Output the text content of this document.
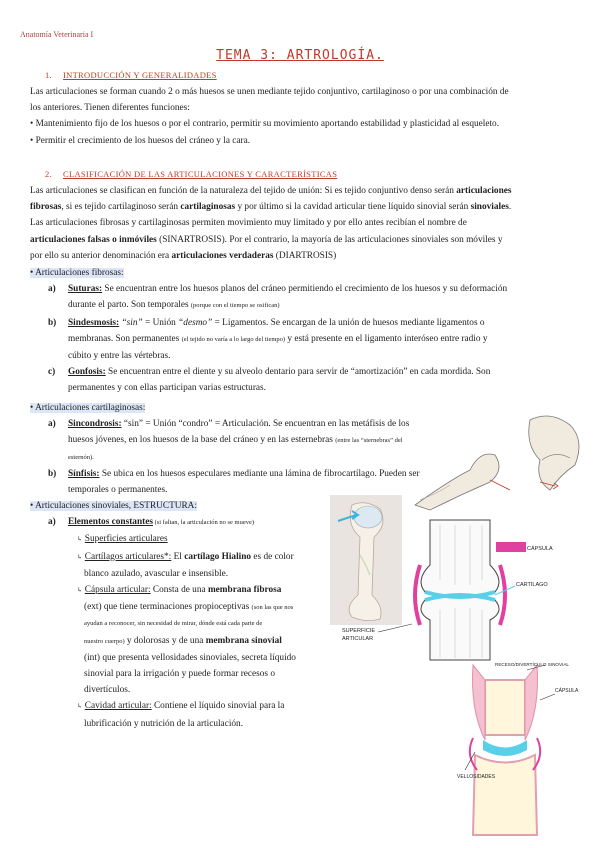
Anatomía Veterinaria I
TEMA 3: ARTROLOGÍA.
1. INTRODUCCIÓN Y GENERALIDADES
Las articulaciones se forman cuando 2 o más huesos se unen mediante tejido conjuntivo, cartilaginoso o por una combinación de
los anteriores. Tienen diferentes funciones:
• Mantenimiento fijo de los huesos o por el contrario, permitir su movimiento aportando estabilidad y plasticidad al esqueleto.
• Permitir el crecimiento de los huesos del cráneo y la cara.
2. CLASIFICACIÓN DE LAS ARTICULACIONES Y CARACTERÍSTICAS
Las articulaciones se clasifican en función de la naturaleza del tejido de unión: Si es tejido conjuntivo denso serán articulaciones
fibrosas, si es tejido cartilaginoso serán cartilaginosas y por último si la cavidad articular tiene líquido sinovial serán sinoviales.
Las articulaciones fibrosas y cartilaginosas permiten movimiento muy limitado y por ello antes recibían el nombre de
articulaciones falsas o inmóviles (SINARTROSIS). Por el contrario, la mayoría de las articulaciones sinoviales son móviles y
por ello su anterior denominación era articulaciones verdaderas (DIARTROSIS)
• Articulaciones fibrosas:
a) Suturas: Se encuentran entre los huesos planos del cráneo permitiendo el crecimiento de los huesos y su deformación
durante el parto. Son temporales (porque con el tiempo se osifican)
b) Sindesmosis: “sin” = Unión “desmo” = Ligamentos. Se encargan de la unión de huesos mediante ligamentos o
membranas. Son permanentes (el tejido no varía a lo largo del tiempo) y está presente en el ligamento interóseo entre radio y
cúbito y entre las vértebras.
c) Gonfosis: Se encuentran entre el diente y su alveolo dentario para servir de “amortización” en cada mordida. Son
permanentes y con ellas participan varias estructuras.
• Articulaciones cartilaginosas:
a) Sincondrosis: “sin” = Unión “condro” = Articulación. Se encuentran en las metáfisis de los
huesos jóvenes, en los huesos de la base del cráneo y en las esternebras (entre las “sternebras” del
esternón).
b) Sínfisis: Se ubica en los huesos especulares mediante una lámina de fibrocartílago. Pueden ser
temporales o permanentes.
• Articulaciones sinoviales, ESTRUCTURA:
a) Elementos constantes (si faltan, la articulación no se mueve)
↳ Superficies articulares
↳ Cartílagos articulares*: El cartílago Hialino es de color
blanco azulado, avascular e insensible.
↳ Cápsula articular: Consta de una membrana fibrosa
(ext) que tiene terminaciones propioceptivas (son las que nos
ayudan a reconocer, sin necesidad de mirar, dónde está cada parte de
nuestro cuerpo) y dolorosas y de una membrana sinovial
(int) que presenta vellosidades sinoviales, secreta líquido
sinovial para la irrigación y puede formar recesos o
divertículos.
↳ Cavidad articular: Contiene el líquido sinovial para la
lubrificación y nutrición de la articulación.
CÁPSULA
CARTÍLAGO
SUPERFICIE
ARTICULAR
RECESO/DIVERTÍCULO SINOVIAL
CÁPSULA
VELLOSIDADES
